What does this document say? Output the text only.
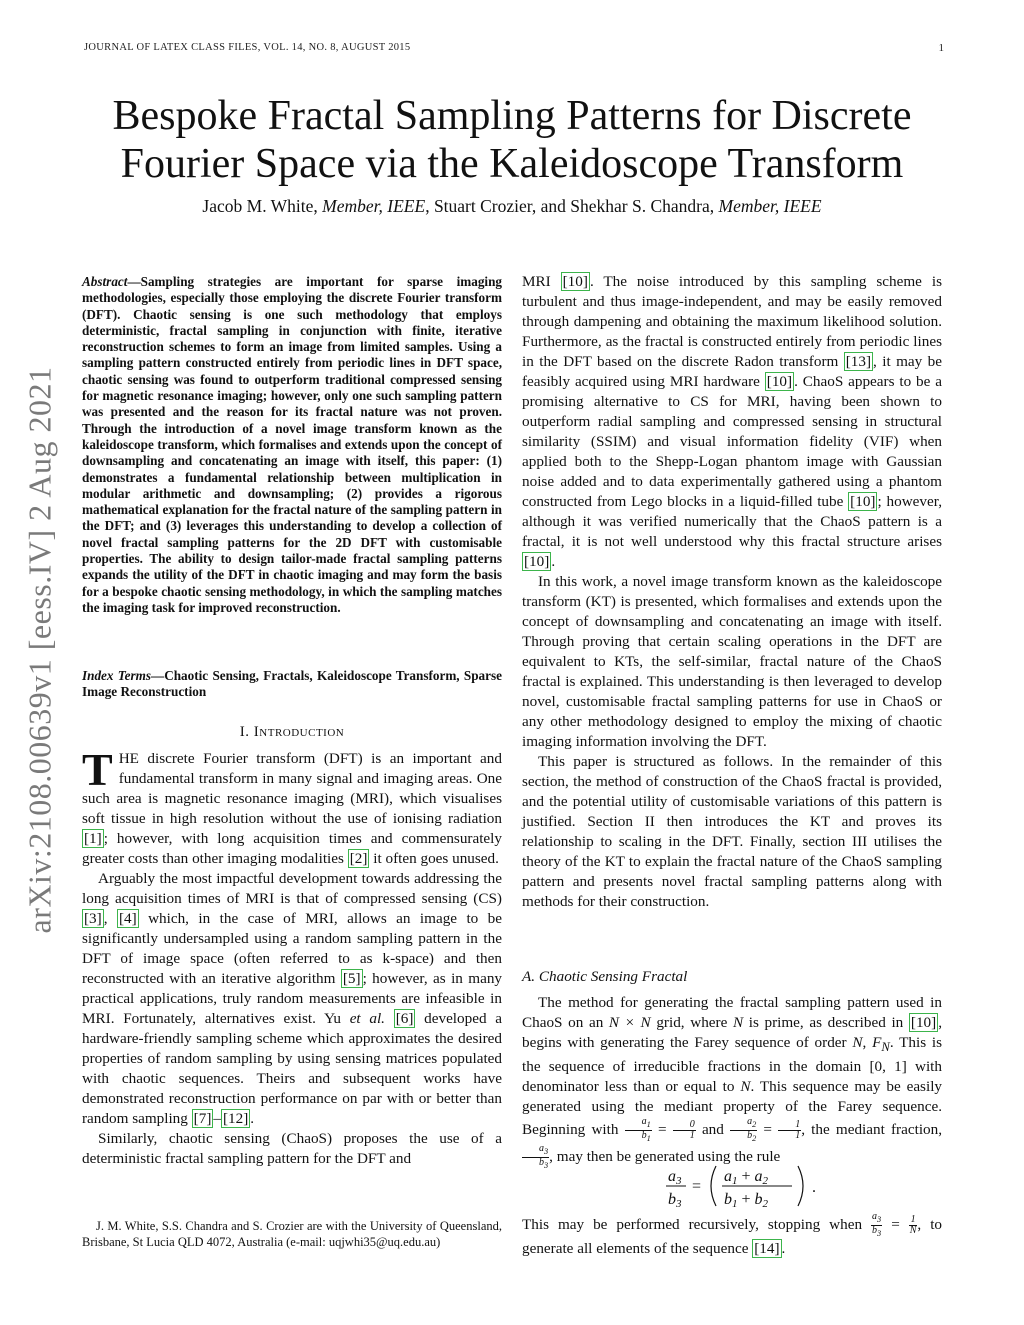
JOURNAL OF LATEX CLASS FILES, VOL. 14, NO. 8, AUGUST 2015	1
Bespoke Fractal Sampling Patterns for Discrete
Fourier Space via the Kaleidoscope Transform
Jacob M. White, Member, IEEE, Stuart Crozier, and Shekhar S. Chandra, Member, IEEE
arXiv:2108.00639v1 [eess.IV] 2 Aug 2021
Abstract—Sampling strategies are important for sparse imaging methodologies, especially those employing the discrete Fourier transform (DFT). Chaotic sensing is one such methodology that employs deterministic, fractal sampling in conjunction with finite, iterative reconstruction schemes to form an image from limited samples. Using a sampling pattern constructed entirely from periodic lines in DFT space, chaotic sensing was found to outperform traditional compressed sensing for magnetic resonance imaging; however, only one such sampling pattern was presented and the reason for its fractal nature was not proven. Through the introduction of a novel image transform known as the kaleidoscope transform, which formalises and extends upon the concept of downsampling and concatenating an image with itself, this paper: (1) demonstrates a fundamental relationship between multiplication in modular arithmetic and downsampling; (2) provides a rigorous mathematical explanation for the fractal nature of the sampling pattern in the DFT; and (3) leverages this understanding to develop a collection of novel fractal sampling patterns for the 2D DFT with customisable properties. The ability to design tailor-made fractal sampling patterns expands the utility of the DFT in chaotic imaging and may form the basis for a bespoke chaotic sensing methodology, in which the sampling matches the imaging task for improved reconstruction.
Index Terms—Chaotic Sensing, Fractals, Kaleidoscope Transform, Sparse Image Reconstruction
I. Introduction

THE discrete Fourier transform (DFT) is an important and fundamental transform in many signal and imaging areas. One such area is magnetic resonance imaging (MRI), which visualises soft tissue in high resolution without the use of ionising radiation [1] ; however, with long acquisition times and commensurately greater costs than other imaging modalities [2] it often goes unused.

Arguably the most impactful development towards addressing the long acquisition times of MRI is that of compressed sensing (CS) [3] , [4] which, in the case of MRI, allows an image to be significantly undersampled using a random sampling pattern in the DFT of image space (often referred to as k-space) and then reconstructed with an iterative algorithm [5] ; however, as in many practical applications, truly random measurements are infeasible in MRI. Fortunately, alternatives exist. Yu et al. [6] developed a hardware-friendly sampling scheme which approximates the desired properties of random sampling by using sensing matrices populated with chaotic sequences. Theirs and subsequent works have demonstrated reconstruction performance on par with or better than random sampling [7] – [12] .

Similarly, chaotic sensing (ChaoS) proposes the use of a deterministic fractal sampling pattern for the DFT and

J. M. White, S.S. Chandra and S. Crozier are with the University of Queensland, Brisbane, St Lucia QLD 4072, Australia (e-mail: uqjwhi35@uq.edu.au)

MRI [10] . The noise introduced by this sampling scheme is turbulent and thus image-independent, and may be easily removed through dampening and obtaining the maximum likelihood solution. Furthermore, as the fractal is constructed entirely from periodic lines in the DFT based on the discrete Radon transform [13] , it may be feasibly acquired using MRI hardware [10] . ChaoS appears to be a promising alternative to CS for MRI, having been shown to outperform radial sampling and compressed sensing in structural similarity (SSIM) and visual information fidelity (VIF) when applied both to the Shepp-Logan phantom image with Gaussian noise added and to data experimentally gathered using a phantom constructed from Lego blocks in a liquid-filled tube [10] ; however, although it was verified numerically that the ChaoS pattern is a fractal, it is not well understood why this fractal structure arises [10] .

In this work, a novel image transform known as the kaleidoscope transform (KT) is presented, which formalises and extends upon the concept of downsampling and concatenating an image with itself. Through proving that certain scaling operations in the DFT are equivalent to KTs, the self-similar, fractal nature of the ChaoS fractal is explained. This understanding is then leveraged to develop novel, customisable fractal sampling patterns for use in ChaoS or any other methodology designed to employ the mixing of chaotic imaging information involving the DFT.

This paper is structured as follows. In the remainder of this section, the method of construction of the ChaoS fractal is provided, and the potential utility of customisable variations of this pattern is justified. Section II then introduces the KT and proves its relationship to scaling in the DFT. Finally, section III utilises the theory of the KT to explain the fractal nature of the ChaoS sampling pattern and presents novel fractal sampling patterns along with methods for their construction.

A. Chaotic Sensing Fractal

The method for generating the fractal sampling pattern used in ChaoS on an N × N grid, where N is prime, as described in [10] , begins with generating the Farey sequence of order N, $F_N$. This is the sequence of irreducible fractions in the domain [0, 1] with denominator less than or equal to N. This sequence may be easily generated using the mediant property of the Farey sequence. Beginning with $\frac{a_1}{b_1} = \frac{0}{1}$ and $\frac{a_2}{b_2} = \frac{1}{1}$ , the mediant fraction,
$\frac{a_3}{b_3}$ , may then be generated using the rule

a3
b3
=
a1 + a2
b1 + b2
.

This may be performed recursively, stopping when $\frac{a_3}{b_3} = \frac{1}{N}$ , to generate all elements of the sequence [14] .
